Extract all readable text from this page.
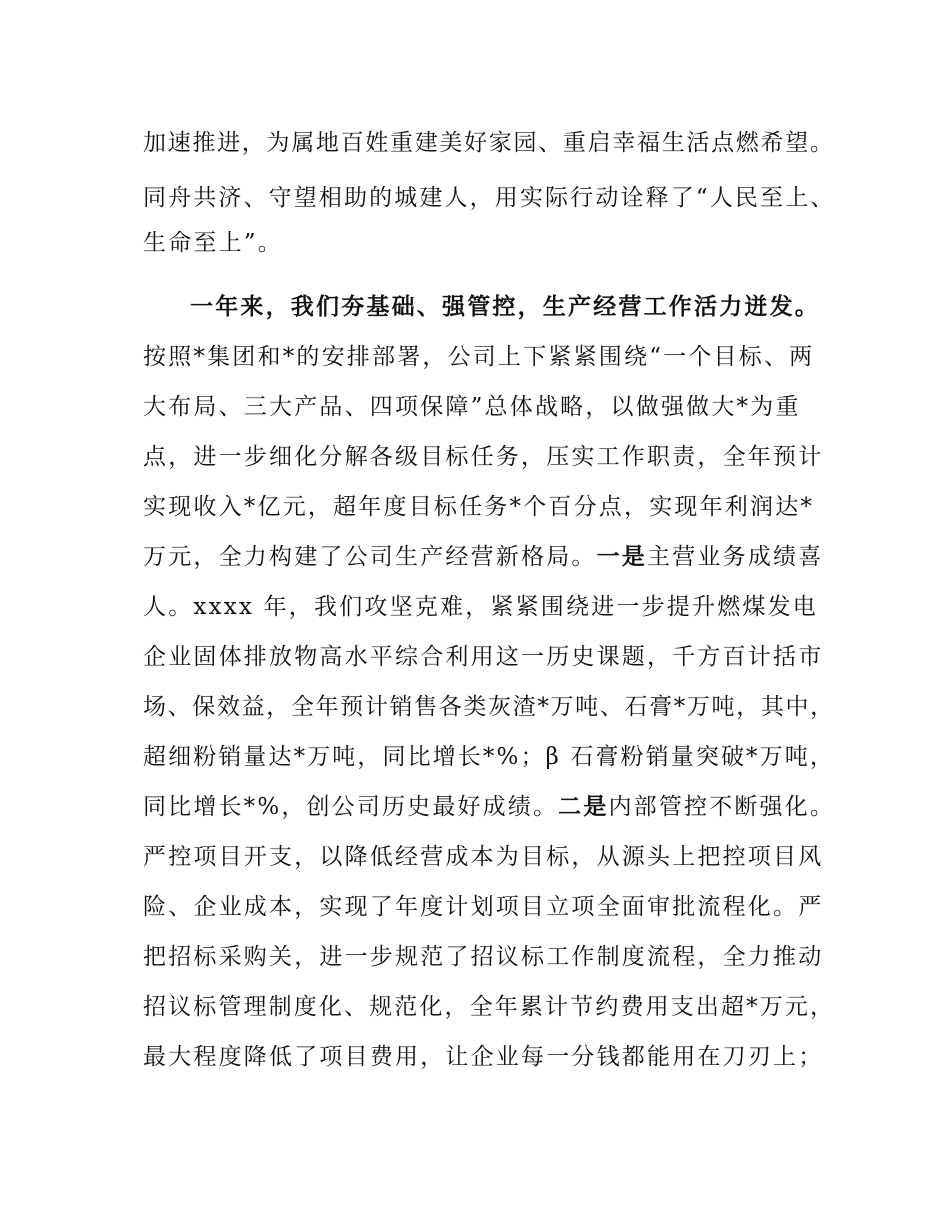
加速推进，为属地百姓重建美好家园、重启幸福生活点燃希望。
同舟共济、守望相助的城建人，用实际行动诠释了“人民至上、
生命至上”。
一年来，我们夯基础、强管控，生产经营工作活力迸发。
按照*集团和*的安排部署，公司上下紧紧围绕“一个目标、两
大布局、三大产品、四项保障”总体战略，以做强做大*为重
点，进一步细化分解各级目标任务，压实工作职责，全年预计
实现收入*亿元，超年度目标任务*个百分点，实现年利润达*
万元，全力构建了公司生产经营新格局。一是主营业务成绩喜
人。xxxx 年，我们攻坚克难，紧紧围绕进一步提升燃煤发电
企业固体排放物高水平综合利用这一历史课题，千方百计括市
场、保效益，全年预计销售各类灰渣*万吨、石膏*万吨，其中，
超细粉销量达*万吨，同比增长*%；β 石膏粉销量突破*万吨，
同比增长*%，创公司历史最好成绩。二是内部管控不断强化。
严控项目开支，以降低经营成本为目标，从源头上把控项目风
险、企业成本，实现了年度计划项目立项全面审批流程化。严
把招标采购关，进一步规范了招议标工作制度流程，全力推动
招议标管理制度化、规范化，全年累计节约费用支出超*万元，
最大程度降低了项目费用，让企业每一分钱都能用在刀刃上；
